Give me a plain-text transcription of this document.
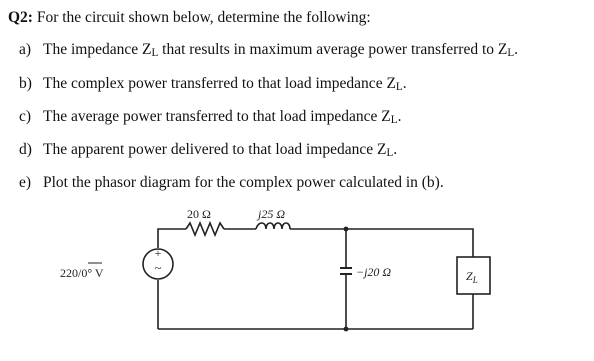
Q2: For the circuit shown below, determine the following:
a) The impedance $Z_L$ that results in maximum average power transferred to $Z_L$.
b) The complex power transferred to that load impedance $Z_L$.
c) The average power transferred to that load impedance $Z_L$.
d) The apparent power delivered to that load impedance $Z_L$.
e) Plot the phasor diagram for the complex power calculated in (b).
20 Ω	j25 Ω
−j20 Ω
220/0° V
+
~
$Z_L$
